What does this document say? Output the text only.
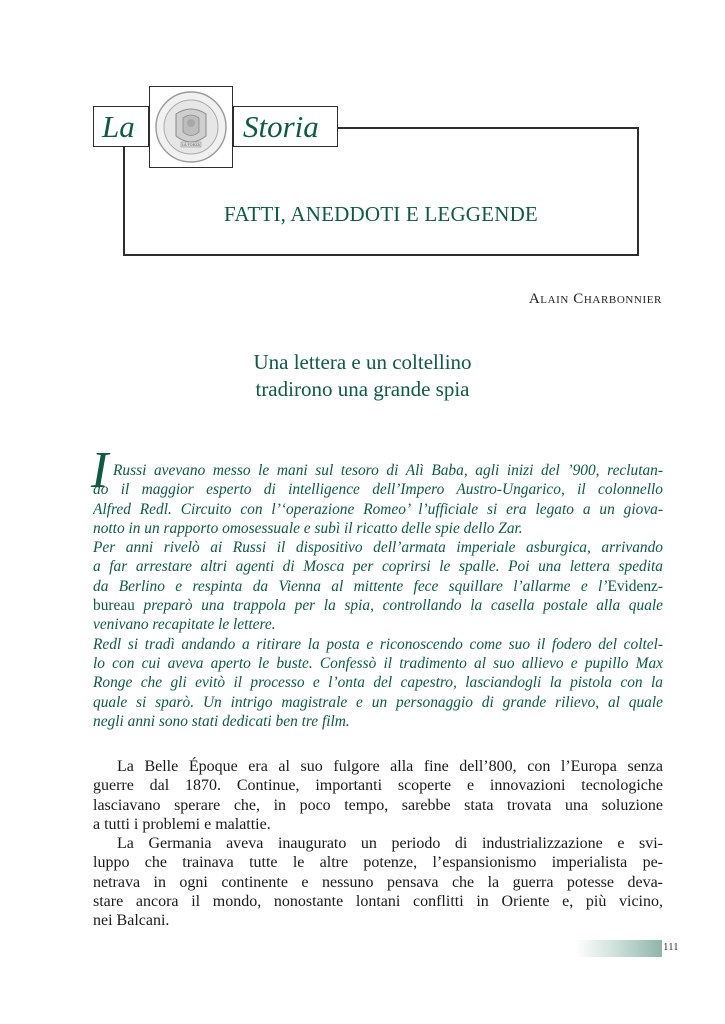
La
LA FORZA
Storia
FATTI, ANEDDOTI E LEGGENDE
Alain Charbonnier
Una lettera e un coltellino
tradirono una grande spia
I Russi avevano messo le mani sul tesoro di Alì Baba, agli inizi del ’900, reclutan-
do il maggior esperto di intelligence dell’Impero Austro-Ungarico, il colonnello
Alfred Redl. Circuito con l’‘operazione Romeo’ l’ufficiale si era legato a un giova-
notto in un rapporto omosessuale e subì il ricatto delle spie dello Zar.
Per anni rivelò ai Russi il dispositivo dell’armata imperiale asburgica, arrivando
a far arrestare altri agenti di Mosca per coprirsi le spalle. Poi una lettera spedita
da Berlino e respinta da Vienna al mittente fece squillare l’allarme e l’ Evidenz-
bureau preparò una trappola per la spia, controllando la casella postale alla quale
venivano recapitate le lettere.
Redl si tradì andando a ritirare la posta e riconoscendo come suo il fodero del coltel-
lo con cui aveva aperto le buste. Confessò il tradimento al suo allievo e pupillo Max
Ronge che gli evitò il processo e l’onta del capestro, lasciandogli la pistola con la
quale si sparò. Un intrigo magistrale e un personaggio di grande rilievo, al quale
negli anni sono stati dedicati ben tre film.
La Belle Époque era al suo fulgore alla fine dell’800, con l’Europa senza
guerre dal 1870. Continue, importanti scoperte e innovazioni tecnologiche
lasciavano sperare che, in poco tempo, sarebbe stata trovata una soluzione
a tutti i problemi e malattie.
La Germania aveva inaugurato un periodo di industrializzazione e svi-
luppo che trainava tutte le altre potenze, l’espansionismo imperialista pe-
netrava in ogni continente e nessuno pensava che la guerra potesse deva-
stare ancora il mondo, nonostante lontani conflitti in Oriente e, più vicino,
nei Balcani.
111
